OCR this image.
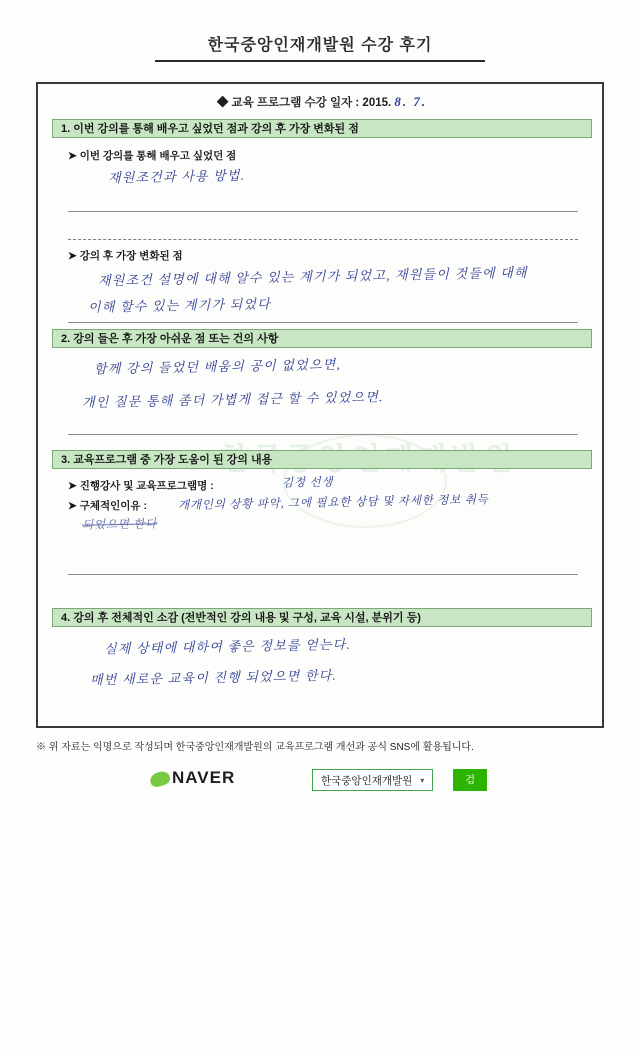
한국중앙인재개발원 수강 후기
◆ 교육 프로그램 수강 일자 : 2015. 8. 7.
1. 이번 강의를 통해 배우고 싶었던 점과 강의 후 가장 변화된 점
➤ 이번 강의를 통해 배우고 싶었던 점
재원조건과 사용 방법.
➤ 강의 후 가장 변화된 점
재원조건 설명에 대해 알수 있는 계기가 되었고, 재원들이 것들에 대해
이해 할수 있는 계기가 되었다
2. 강의 들은 후 가장 아쉬운 점 또는 건의 사항
함께 강의 들었던 배움의 공이 없었으면,
개인 질문 통해 좀더 가볍게 접근 할 수 있었으면.
3. 교육프로그램 중 가장 도움이 된 강의 내용
➤ 진행강사 및 교육프로그램명 :	김정 선생
➤ 구체적인이유 :	개개인의 상황 파악, 그에 필요한 상담 및 자세한 정보 취득
되었으면 한다
4. 강의 후 전체적인 소감 (전반적인 강의 내용 및 구성, 교육 시설, 분위기 등)
실제 상태에 대하여 좋은 정보를 얻는다.
매번 새로운 교육이 진행 되었으면 한다.
※ 위 자료는 익명으로 작성되며 한국중앙인재개발원의 교육프로그램 개선과 공식 SNS에 활용됩니다.
NAVER	한국중앙인재개발원	▾	검색
